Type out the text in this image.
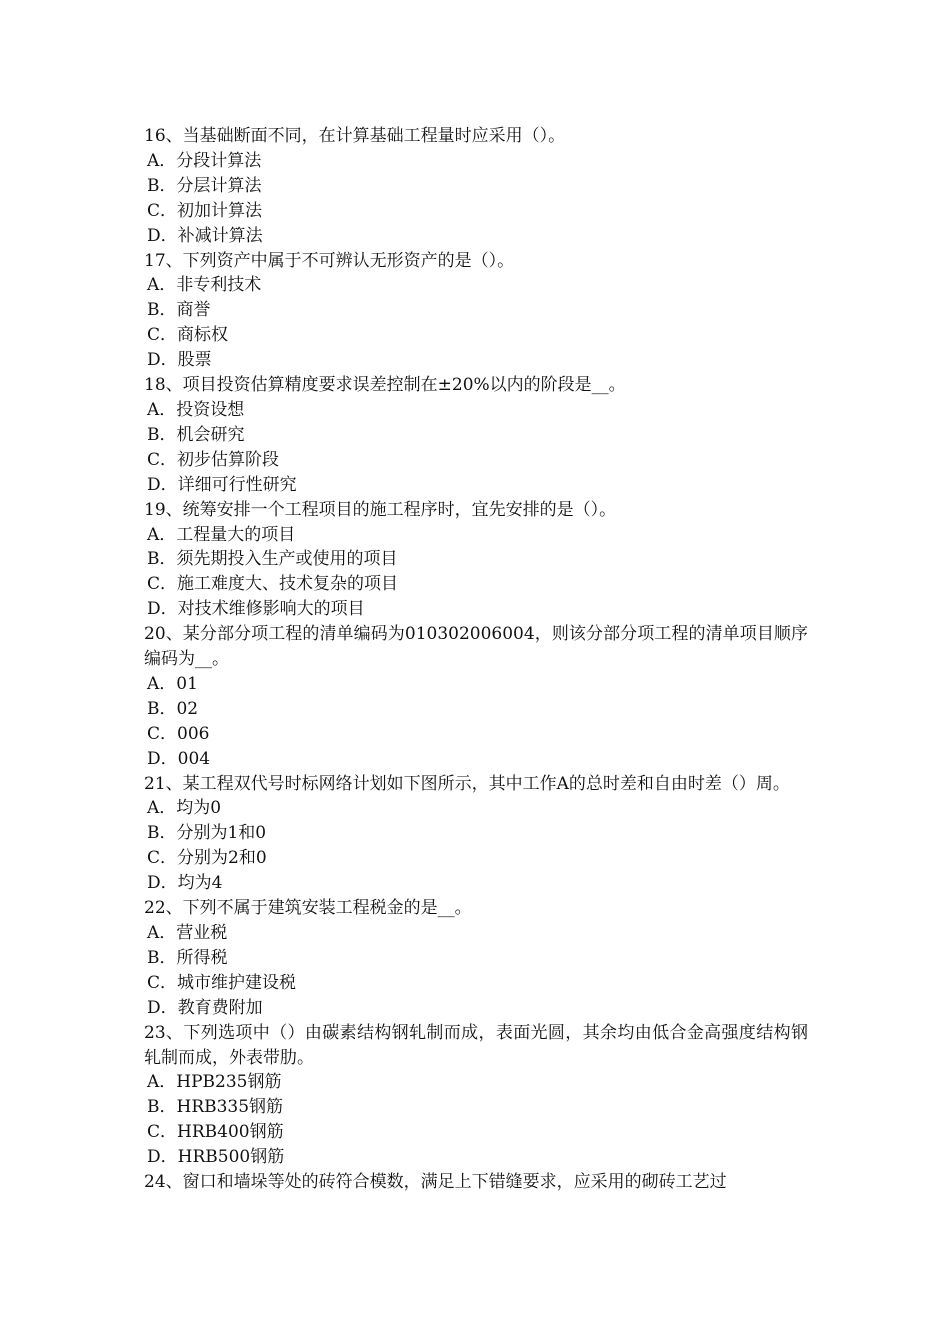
16、当基础断面不同，在计算基础工程量时应采用（）。

A．分段计算法

B．分层计算法

C．初加计算法

D．补减计算法

17、下列资产中属于不可辨认无形资产的是（）。

A．非专利技术

B．商誉

C．商标权

D．股票

18、项目投资估算精度要求误差控制在±20%以内的阶段是__。

A．投资设想

B．机会研究

C．初步估算阶段

D．详细可行性研究

19、统筹安排一个工程项目的施工程序时，宜先安排的是（）。

A．工程量大的项目

B．须先期投入生产或使用的项目

C．施工难度大、技术复杂的项目

D．对技术维修影响大的项目

20、某分部分项工程的清单编码为010302006004，则该分部分项工程的清单项目顺序编码为__。

A．01

B．02

C．006

D．004

21、某工程双代号时标网络计划如下图所示，其中工作A的总时差和自由时差（）周。

A．均为0

B．分别为1和0

C．分别为2和0

D．均为4

22、下列不属于建筑安装工程税金的是__。

A．营业税

B．所得税

C．城市维护建设税

D．教育费附加

23、下列选项中（）由碳素结构钢轧制而成，表面光圆，其余均由低合金高强度结构钢轧制而成，外表带肋。

A．HPB235钢筋

B．HRB335钢筋

C．HRB400钢筋

D．HRB500钢筋

24、窗口和墙垛等处的砖符合模数，满足上下错缝要求，应采用的砌砖工艺过
